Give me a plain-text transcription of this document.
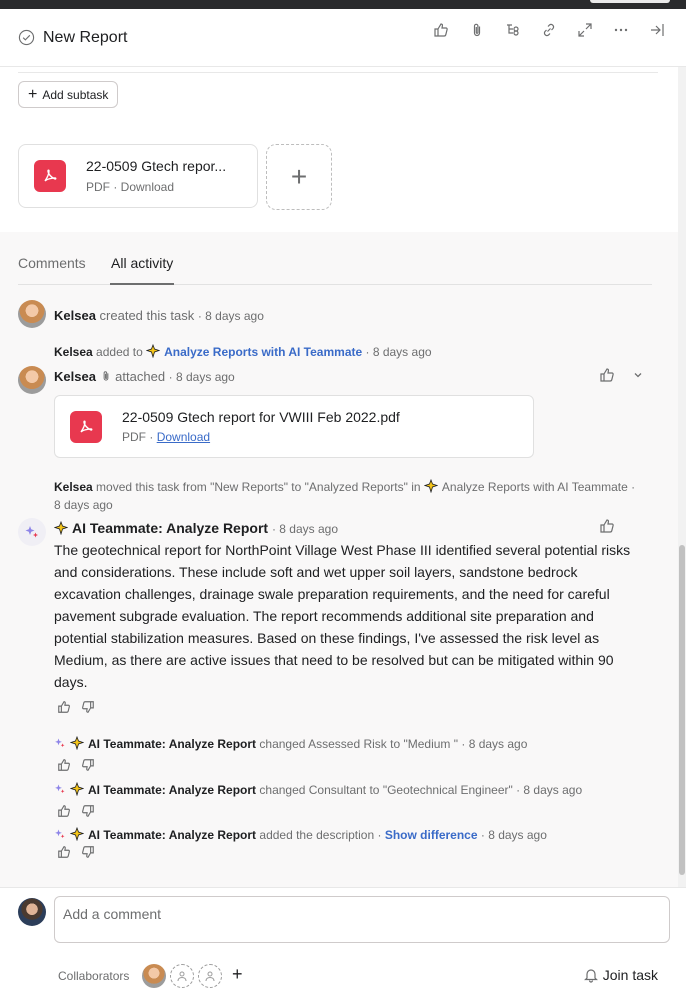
New Report
+ Add subtask
22-0509 Gtech repor...
PDF · Download	+
Comments All activity
Kelsea created this task · 8 days ago
Kelsea added to Analyze Reports with AI Teammate · 8 days ago
Kelsea attached · 8 days ago
22-0509 Gtech report for VWIII Feb 2022.pdf
PDF · Download
Kelsea moved this task from "New Reports" to "Analyzed Reports" in Analyze Reports with AI Teammate · 8 days ago
AI Teammate: Analyze Report · 8 days ago
The geotechnical report for NorthPoint Village West Phase III identified several potential risks and considerations. These include soft and wet upper soil layers, sandstone bedrock excavation challenges, drainage swale preparation requirements, and the need for careful pavement subgrade evaluation. The report recommends additional site preparation and potential stabilization measures. Based on these findings, I've assessed the risk level as Medium, as there are active issues that need to be resolved but can be mitigated within 90 days.
AI Teammate: Analyze Report changed Assessed Risk to "Medium " · 8 days ago
AI Teammate: Analyze Report changed Consultant to "Geotechnical Engineer" · 8 days ago
AI Teammate: Analyze Report added the description · Show difference · 8 days ago
Add a comment
Collaborators	+	Join task
